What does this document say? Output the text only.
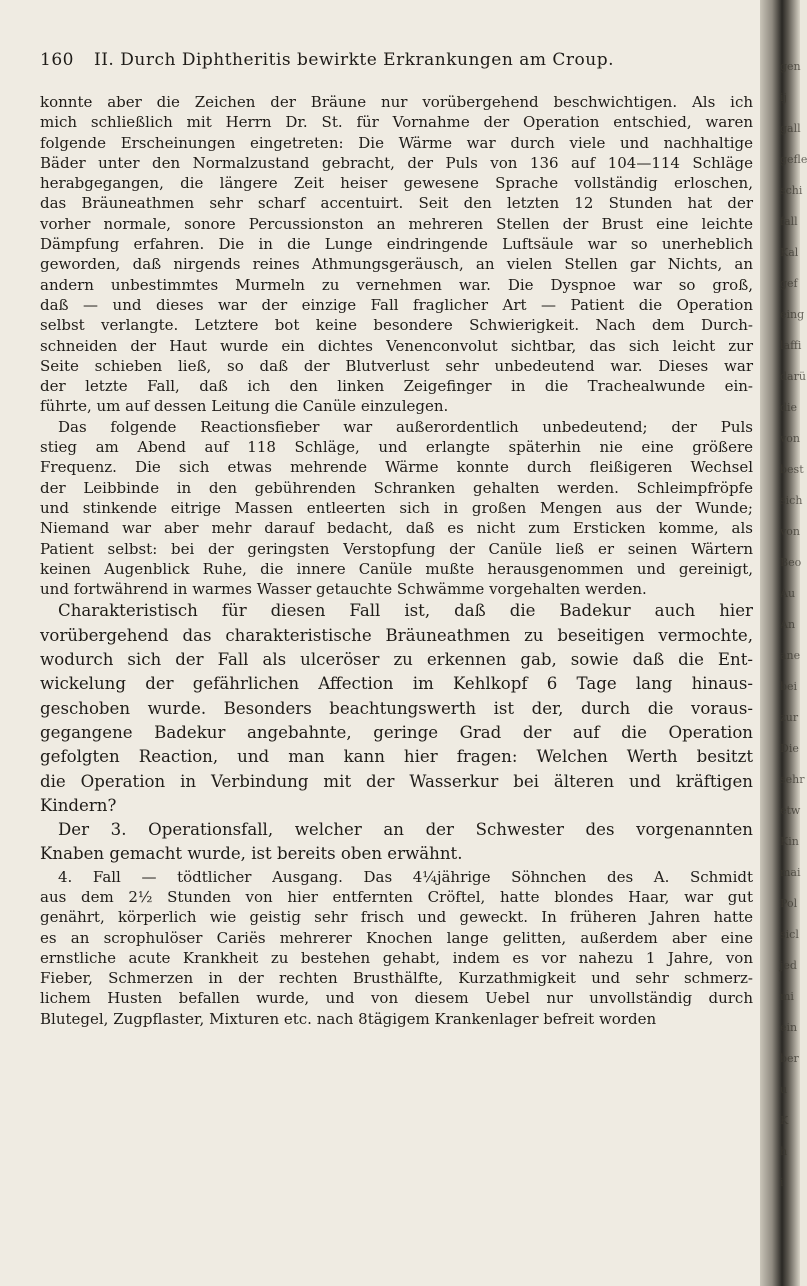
160 II. Durch Diphtheritis bewirkte Erkrankungen am Croup.
konnte aber die Zeichen der Bräune nur vorübergehend beschwichtigen. Als ich
mich schließlich mit Herrn Dr. St. für Vornahme der Operation entschied, waren
folgende Erscheinungen eingetreten: Die Wärme war durch viele und nachhaltige
Bäder unter den Normalzustand gebracht, der Puls von 136 auf 104—114 Schläge
herabgegangen, die längere Zeit heiser gewesene Sprache vollständig erloschen,
das Bräuneathmen sehr scharf accentuirt. Seit den letzten 12 Stunden hat der
vorher normale, sonore Percussionston an mehreren Stellen der Brust eine leichte
Dämpfung erfahren. Die in die Lunge eindringende Luftsäule war so unerheblich
geworden, daß nirgends reines Athmungsgeräusch, an vielen Stellen gar Nichts, an
andern unbestimmtes Murmeln zu vernehmen war. Die Dyspnoe war so groß,
daß — und dieses war der einzige Fall fraglicher Art — Patient die Operation
selbst verlangte. Letztere bot keine besondere Schwierigkeit. Nach dem Durch-
schneiden der Haut wurde ein dichtes Venenconvolut sichtbar, das sich leicht zur
Seite schieben ließ, so daß der Blutverlust sehr unbedeutend war. Dieses war
der letzte Fall, daß ich den linken Zeigefinger in die Trachealwunde ein-
führte, um auf dessen Leitung die Canüle einzulegen.
Das folgende Reactionsfieber war außerordentlich unbedeutend; der Puls
stieg am Abend auf 118 Schläge, und erlangte späterhin nie eine größere
Frequenz. Die sich etwas mehrende Wärme konnte durch fleißigeren Wechsel
der Leibbinde in den gebührenden Schranken gehalten werden. Schleimpfröpfe
und stinkende eitrige Massen entleerten sich in großen Mengen aus der Wunde;
Niemand war aber mehr darauf bedacht, daß es nicht zum Ersticken komme, als
Patient selbst: bei der geringsten Verstopfung der Canüle ließ er seinen Wärtern
keinen Augenblick Ruhe, die innere Canüle mußte herausgenommen und gereinigt,
und fortwährend in warmes Wasser getauchte Schwämme vorgehalten werden.
Charakteristisch für diesen Fall ist, daß die Badekur auch hier
vorübergehend das charakteristische Bräuneathmen zu beseitigen vermochte,
wodurch sich der Fall als ulceröser zu erkennen gab, sowie daß die Ent-
wickelung der gefährlichen Affection im Kehlkopf 6 Tage lang hinaus-
geschoben wurde. Besonders beachtungswerth ist der, durch die voraus-
gegangene Badekur angebahnte, geringe Grad der auf die Operation
gefolgten Reaction, und man kann hier fragen: Welchen Werth besitzt
die Operation in Verbindung mit der Wasserkur bei älteren und kräftigen
Kindern?
Der 3. Operationsfall, welcher an der Schwester des vorgenannten
Knaben gemacht wurde, ist bereits oben erwähnt.
4. Fall — tödtlicher Ausgang. Das 4¼jährige Söhnchen des A. Schmidt
aus dem 2½ Stunden von hier entfernten Cröftel, hatte blondes Haar, war gut
genährt, körperlich wie geistig sehr frisch und geweckt. In früheren Jahren hatte
es an scrophulöser Cariës mehrerer Knochen lange gelitten, außerdem aber eine
ernstliche acute Krankheit zu bestehen gehabt, indem es vor nahezu 1 Jahre, von
Fieber, Schmerzen in der rechten Brusthälfte, Kurzathmigkeit und sehr schmerz-
lichem Husten befallen wurde, und von diesem Uebel nur unvollständig durch
Blutegel, Zugpflaster, Mixturen etc. nach 8tägigem Krankenlager befreit worden
gen
ij
gall
gefle
schi
fall
Kal
gef
eing
laffi
darü
die
von
best
sich
von
Beo
Au
An
ane
bei
zur
Die
sehr
etw
Kin
mai
Pol
sicl
jed
mi
ein
ber
u
K
h
i
